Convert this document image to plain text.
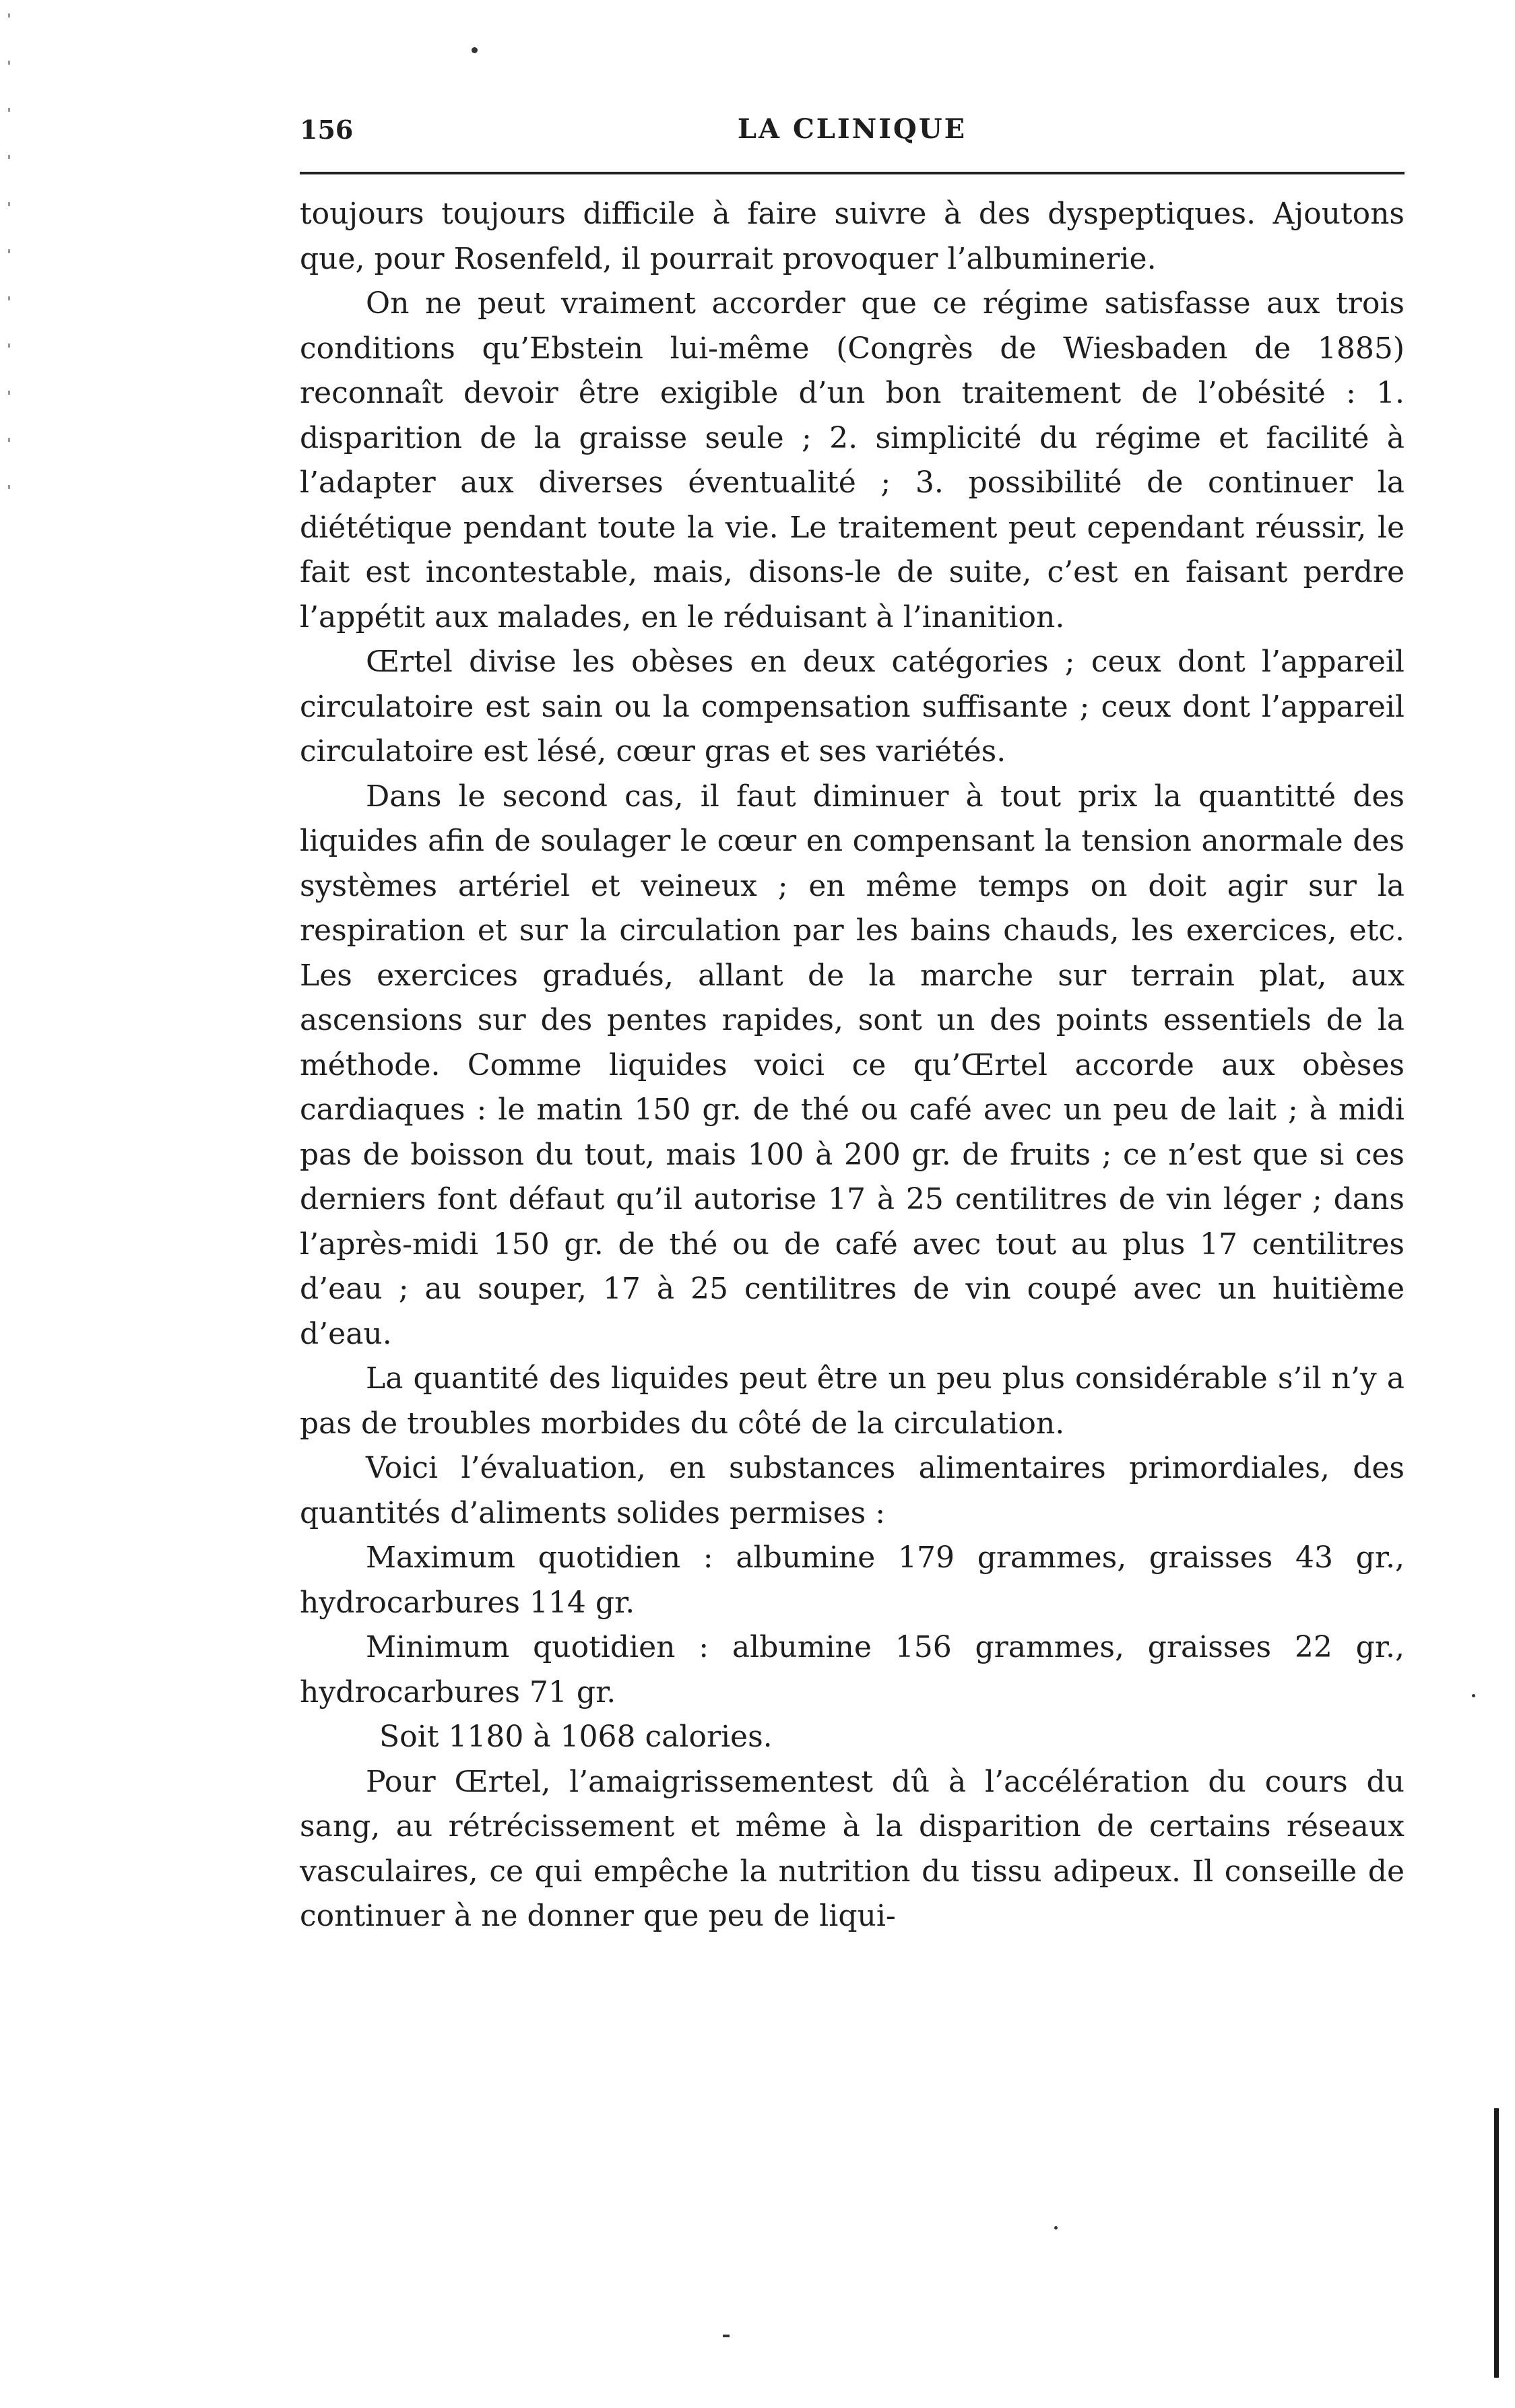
156	LA CLINIQUE

toujours toujours difficile à faire suivre à des dyspeptiques. Ajoutons que, pour Rosenfeld, il pourrait provoquer l’albuminerie.

On ne peut vraiment accorder que ce régime satisfasse aux trois conditions qu’Ebstein lui-même (Congrès de Wiesbaden de 1885) reconnaît devoir être exigible d’un bon traitement de l’obésité : 1. disparition de la graisse seule ; 2. simplicité du régime et facilité à l’adapter aux diverses éventualité ; 3. possibilité de continuer la diététique pendant toute la vie. Le traitement peut cependant réussir, le fait est incontestable, mais, disons-le de suite, c’est en faisant perdre l’appétit aux malades, en le réduisant à l’inanition.

Œrtel divise les obèses en deux catégories ; ceux dont l’appareil circulatoire est sain ou la compensation suffisante ; ceux dont l’appareil circulatoire est lésé, cœur gras et ses variétés.

Dans le second cas, il faut diminuer à tout prix la quantitté des liquides afin de soulager le cœur en compensant la tension anormale des systèmes artériel et veineux ; en même temps on doit agir sur la respiration et sur la circulation par les bains chauds, les exercices, etc. Les exercices gradués, allant de la marche sur terrain plat, aux ascensions sur des pentes rapides, sont un des points essentiels de la méthode. Comme liquides voici ce qu’Œrtel accorde aux obèses cardiaques : le matin 150 gr. de thé ou café avec un peu de lait ; à midi pas de boisson du tout, mais 100 à 200 gr. de fruits ; ce n’est que si ces derniers font défaut qu’il autorise 17 à 25 centilitres de vin léger ; dans l’après-midi 150 gr. de thé ou de café avec tout au plus 17 centilitres d’eau ; au souper, 17 à 25 centilitres de vin coupé avec un huitième d’eau.

La quantité des liquides peut être un peu plus considérable s’il n’y a pas de troubles morbides du côté de la circulation.

Voici l’évaluation, en substances alimentaires primordiales, des quantités d’aliments solides permises :

Maximum quotidien : albumine 179 grammes, graisses 43 gr., hydrocarbures 114 gr.

Minimum quotidien : albumine 156 grammes, graisses 22 gr., hydrocarbures 71 gr.

Soit 1180 à 1068 calories.

Pour Œrtel, l’amaigrissementest dû à l’accélération du cours du sang, au rétrécissement et même à la disparition de certains réseaux vasculaires, ce qui empêche la nutrition du tissu adipeux. Il conseille de continuer à ne donner que peu de liqui-
